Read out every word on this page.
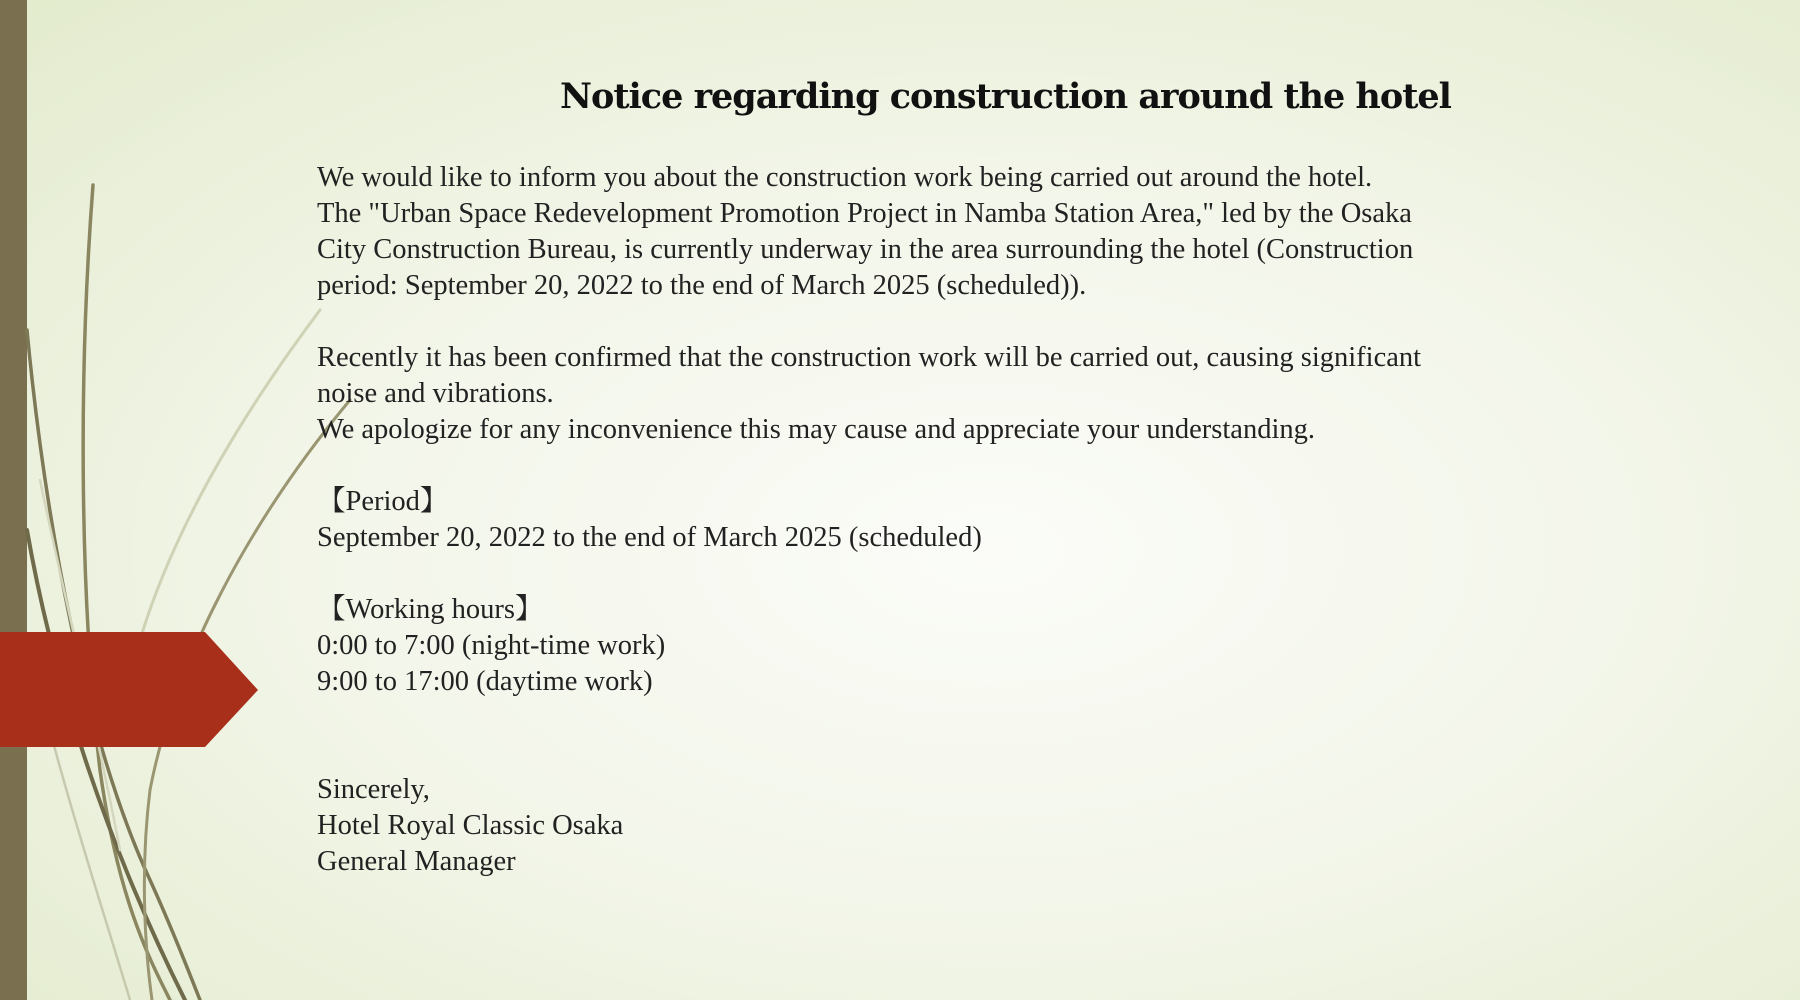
Notice regarding construction around the hotel

We would like to inform you about the construction work being carried out around the hotel.

The "Urban Space Redevelopment Promotion Project in Namba Station Area," led by the Osaka

City Construction Bureau, is currently underway in the area surrounding the hotel (Construction

period: September 20, 2022 to the end of March 2025 (scheduled)).

Recently it has been confirmed that the construction work will be carried out, causing significant

noise and vibrations.

We apologize for any inconvenience this may cause and appreciate your understanding.

【Period】

September 20, 2022 to the end of March 2025 (scheduled)

【Working hours】

0:00 to 7:00 (night-time work)

9:00 to 17:00 (daytime work)

Sincerely,

Hotel Royal Classic Osaka

General Manager
